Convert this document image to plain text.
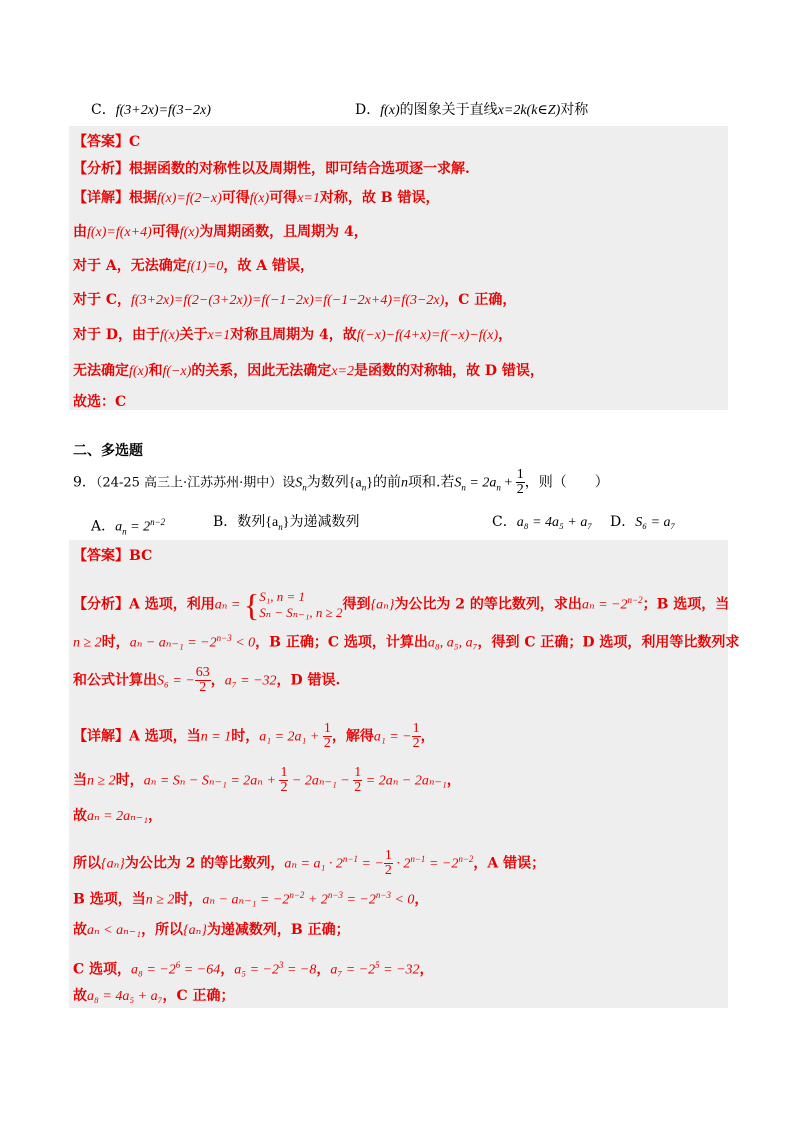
C．f(3+2x)=f(3−2x)	D．f(x)的图象关于直线x=2k(k∈Z)对称
【答案】C
【分析】根据函数的对称性以及周期性，即可结合选项逐一求解.
【详解】根据f(x)=f(2−x)可得f(x)可得x=1对称，故 B 错误，
由f(x)=f(x+4)可得f(x)为周期函数，且周期为 4，
对于 A，无法确定f(1)=0，故 A 错误，
对于 C，f(3+2x)=f(2−(3+2x))=f(−1−2x)=f(−1−2x+4)=f(3−2x)，C 正确，
对于 D，由于f(x)关于x=1对称且周期为 4，故f(−x)−f(4+x)=f(−x)−f(x)，
无法确定f(x)和f(−x)的关系，因此无法确定x=2是函数的对称轴，故 D 错误，
故选：C
二、多选题
9．（24-25 高三上·江苏苏州·期中）设$S_n$为数列$\{a_n\}$的前n项和.若$S_n = 2a_n + \frac{1}{2}$ ，则（　　）
A．$a_n = 2^{n-2}$	B．数列$\{a_n\}$为递减数列	C．a₈ = 4a₅ + a₇ D．S₆ = a₇
【答案】BC
【分析】A 选项，利用aₙ = { S₁, n = 1
Sₙ − Sₙ₋₁, n ≥ 2 得到{aₙ}为公比为 2 的等比数列，求出$a_n = -2^{n-2}$；B 选项，当
n ≥ 2时，$a_n - a_{n-1} = -2^{n-3} < 0$，B 正确；C 选项，计算出a₈, a₅, a₇，得到 C 正确；D 选项，利用等比数列求
和公式计算出S₆ = − $\frac{63}{2}$ ，a₇ = −32，D 错误.
【详解】A 选项，当n = 1时，$a_1 = 2a_1 + \frac{1}{2}$ ，解得a₁ = − $\frac{1}{2}$ ，
当n ≥ 2时，$a_n = S_n - S_{n-1} = 2a_n + \frac{1}{2} - 2a_{n-1} - \frac{1}{2} = 2a_n - 2a_{n-1}$，
故aₙ = 2aₙ₋₁，
所以{aₙ}为公比为 2 的等比数列，$a_n = a_1 \cdot 2^{n-1}$ = − $\frac{1}{2} \cdot 2^{n-1} = -2^{n-2}$，A 错误；
B 选项，当n ≥ 2时，$a_n - a_{n-1} = -2^{n-2} + 2^{n-3} = -2^{n-3} < 0$，
故aₙ < aₙ₋₁，所以{aₙ}为递减数列，B 正确；
C 选项，$a_8 = -2^6 = -64$，$a_5 = -2^3 = -8$，$a_7 = -2^5 = -32$，
故a₈ = 4a₅ + a₇，C 正确；
